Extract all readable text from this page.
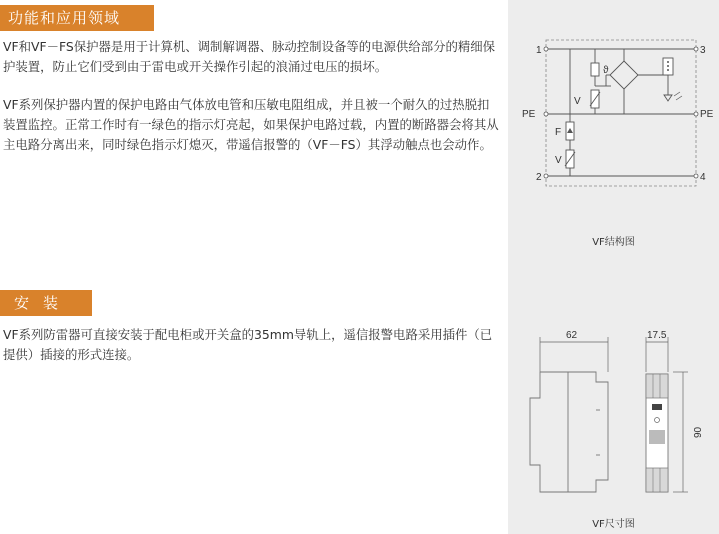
功能和应用领域

VF和VF－FS保护器是用于计算机、调制解调器、脉动控制设备等的电源供给部分的精细保护装置，防止它们受到由于雷电或开关操作引起的浪涌过电压的损坏。

VF系列保护器内置的保护电路由气体放电管和压敏电阻组成，并且被一个耐久的过热脱扣装置监控。正常工作时有一绿色的指示灯亮起，如果保护电路过载，内置的断路器会将其从主电路分离出来，同时绿色指示灯熄灭，带遥信报警的（VF－FS）其浮动触点也会动作。

安装

VF系列防雷器可直接安装于配电柜或开关盒的35mm导轨上，遥信报警电路采用插件（已提供）插接的形式连接。

1	3
PE	PE
2	4
ϑ
V
F
V
VF结构图
62	17.5
90
VF尺寸图
